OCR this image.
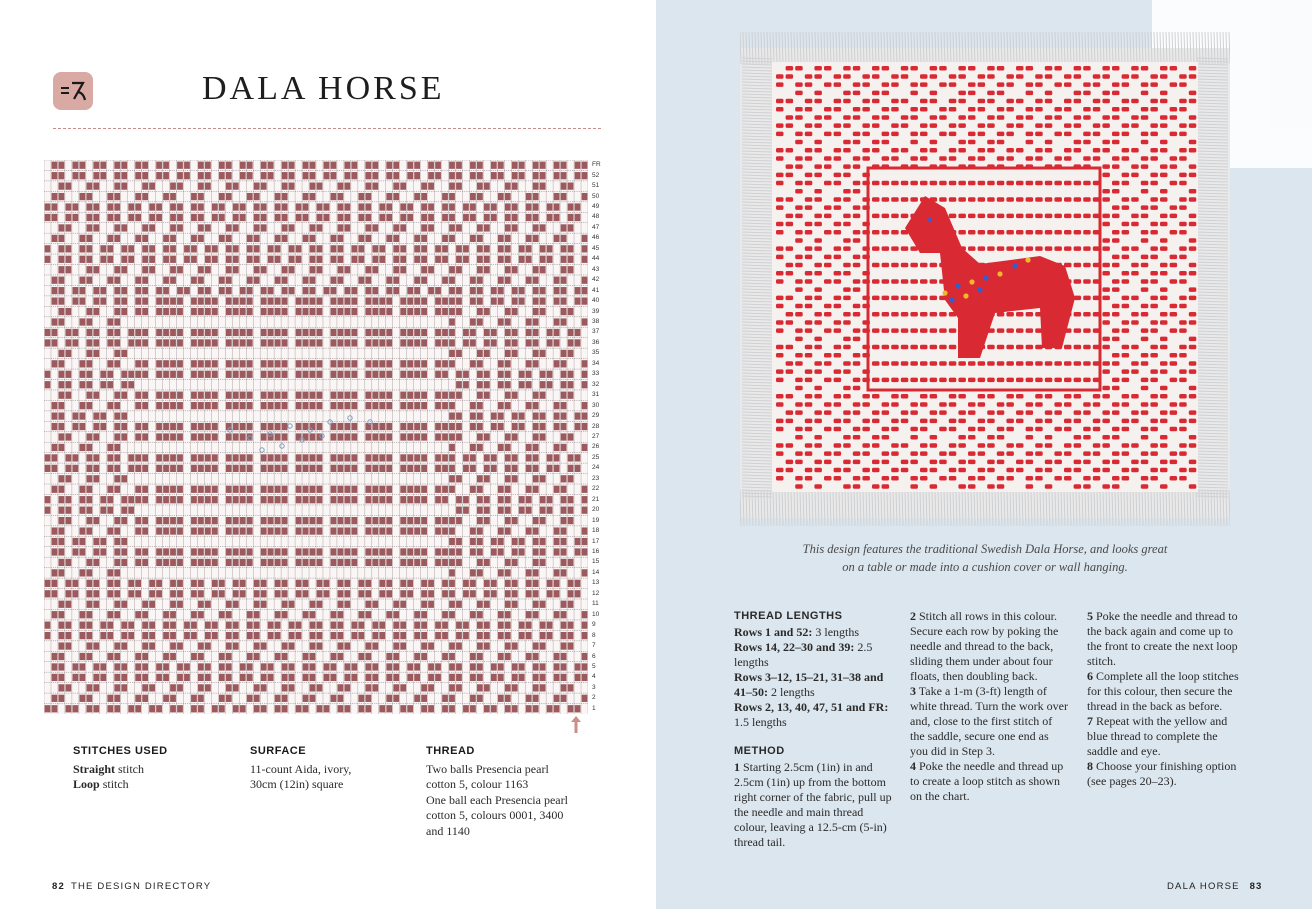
DALA HORSE
FR
52
51
50
49
48
47
46
45
44
43
42
41
40
39
38
37
36
35
34
33
32
31
30
29
28
27
26
25
24
23
22
21
20
19
18
17
16
15
14
13
12
11
10
9
8
7
6
5
4
3
2
1
STITCHES USED
Straight stitch
Loop stitch
SURFACE
11-count Aida, ivory,
30cm (12in) square
THREAD
Two balls Presencia pearl
cotton 5, colour 1163
One ball each Presencia pearl
cotton 5, colours 0001, 3400
and 1140
82 THE DESIGN DIRECTORY
This design features the traditional Swedish Dala Horse, and looks great
on a table or made into a cushion cover or wall hanging.
THREAD LENGTHS

Rows 1 and 52: 3 lengths

Rows 14, 22–30 and 39: 2.5 lengths

Rows 3–12, 15–21, 31–38 and 41–50: 2 lengths

Rows 2, 13, 40, 47, 51 and FR: 1.5 lengths

METHOD

1 Starting 2.5cm (1in) in and 2.5cm (1in) up from the bottom right corner of the fabric, pull up the needle and main thread colour, leaving a 12.5-cm (5-in) thread tail.

2 Stitch all rows in this colour. Secure each row by poking the needle and thread to the back, sliding them under about four floats, then doubling back.

3 Take a 1-m (3-ft) length of white thread. Turn the work over and, close to the first stitch of the saddle, secure one end as you did in Step 3.

4 Poke the needle and thread up to create a loop stitch as shown on the chart.

5 Poke the needle and thread to the back again and come up to the front to create the next loop stitch.

6 Complete all the loop stitches for this colour, then secure the thread in the back as before.

7 Repeat with the yellow and blue thread to complete the saddle and eye.

8 Choose your finishing option (see pages 20–23).

DALA HORSE 83
